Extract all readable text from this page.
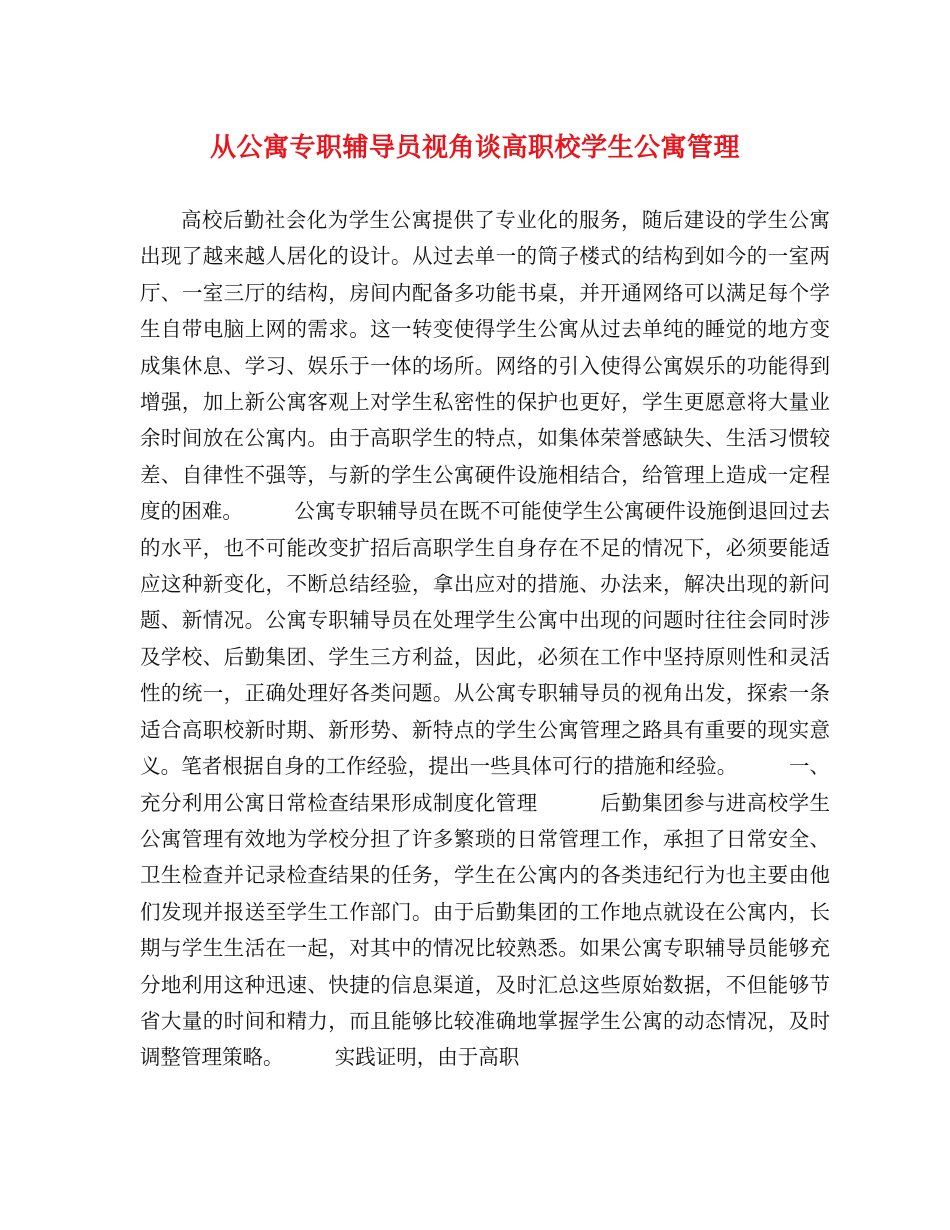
从公寓专职辅导员视角谈高职校学生公寓管理

高校后勤社会化为学生公寓提供了专业化的服务，随后建设的学生公寓出现了越来越人居化的设计。从过去单一的筒子楼式的结构到如今的一室两厅、一室三厅的结构，房间内配备多功能书桌，并开通网络可以满足每个学生自带电脑上网的需求。这一转变使得学生公寓从过去单纯的睡觉的地方变成集休息、学习、娱乐于一体的场所。网络的引入使得公寓娱乐的功能得到增强，加上新公寓客观上对学生私密性的保护也更好，学生更愿意将大量业余时间放在公寓内。由于高职学生的特点，如集体荣誉感缺失、生活习惯较差、自律性不强等，与新的学生公寓硬件设施相结合，给管理上造成一定程度的困难。　　　公寓专职辅导员在既不可能使学生公寓硬件设施倒退回过去的水平，也不可能改变扩招后高职学生自身存在不足的情况下，必须要能适应这种新变化，不断总结经验，拿出应对的措施、办法来，解决出现的新问题、新情况。公寓专职辅导员在处理学生公寓中出现的问题时往往会同时涉及学校、后勤集团、学生三方利益，因此，必须在工作中坚持原则性和灵活性的统一，正确处理好各类问题。从公寓专职辅导员的视角出发，探索一条适合高职校新时期、新形势、新特点的学生公寓管理之路具有重要的现实意义。笔者根据自身的工作经验，提出一些具体可行的措施和经验。　　　一、充分利用公寓日常检查结果形成制度化管理　　　后勤集团参与进高校学生公寓管理有效地为学校分担了许多繁琐的日常管理工作，承担了日常安全、卫生检查并记录检查结果的任务，学生在公寓内的各类违纪行为也主要由他们发现并报送至学生工作部门。由于后勤集团的工作地点就设在公寓内，长期与学生生活在一起，对其中的情况比较熟悉。如果公寓专职辅导员能够充分地利用这种迅速、快捷的信息渠道，及时汇总这些原始数据，不但能够节省大量的时间和精力，而且能够比较准确地掌握学生公寓的动态情况，及时调整管理策略。　　　实践证明，由于高职
